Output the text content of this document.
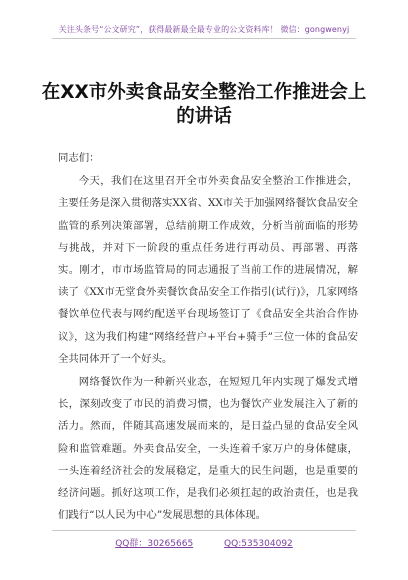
关注头条号“公文研究”，获得最新最全最专业的公文资料库！ 微信：gongwenyj
在XX市外卖食品安全整治工作推进会上的讲话

同志们：

今天，我们在这里召开全市外卖食品安全整治工作推进会，主要任务是深入贯彻落实XX省、XX市关于加强网络餐饮食品安全监管的系列决策部署，总结前期工作成效，分析当前面临的形势与挑战，并对下一阶段的重点任务进行再动员、再部署、再落实。刚才，市市场监管局的同志通报了当前工作的进展情况，解读了《XX市无堂食外卖餐饮食品安全工作指引(试行)》，几家网络餐饮单位代表与网约配送平台现场签订了《食品安全共治合作协议》，这为我们构建“网络经营户+平台+骑手”三位一体的食品安全共同体开了一个好头。

网络餐饮作为一种新兴业态，在短短几年内实现了爆发式增长，深刻改变了市民的消费习惯，也为餐饮产业发展注入了新的活力。然而，伴随其高速发展而来的，是日益凸显的食品安全风险和监管难题。外卖食品安全，一头连着千家万户的身体健康，一头连着经济社会的发展稳定，是重大的民生问题，也是重要的经济问题。抓好这项工作，是我们必须扛起的政治责任，也是我们践行“以人民为中心”发展思想的具体体现。

QQ群：30265665	QQ:535304092
